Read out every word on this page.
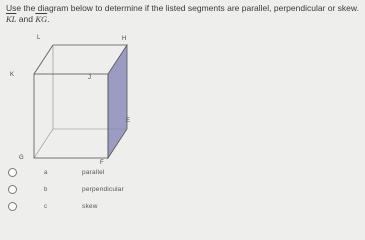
Use the diagram below to determine if the listed segments are parallel, perpendicular or skew. $\overline{KL}$ and $\overline{KG}$.

L	H
K	J
E
G
F
a	parallel
b	perpendicular
c	skew
